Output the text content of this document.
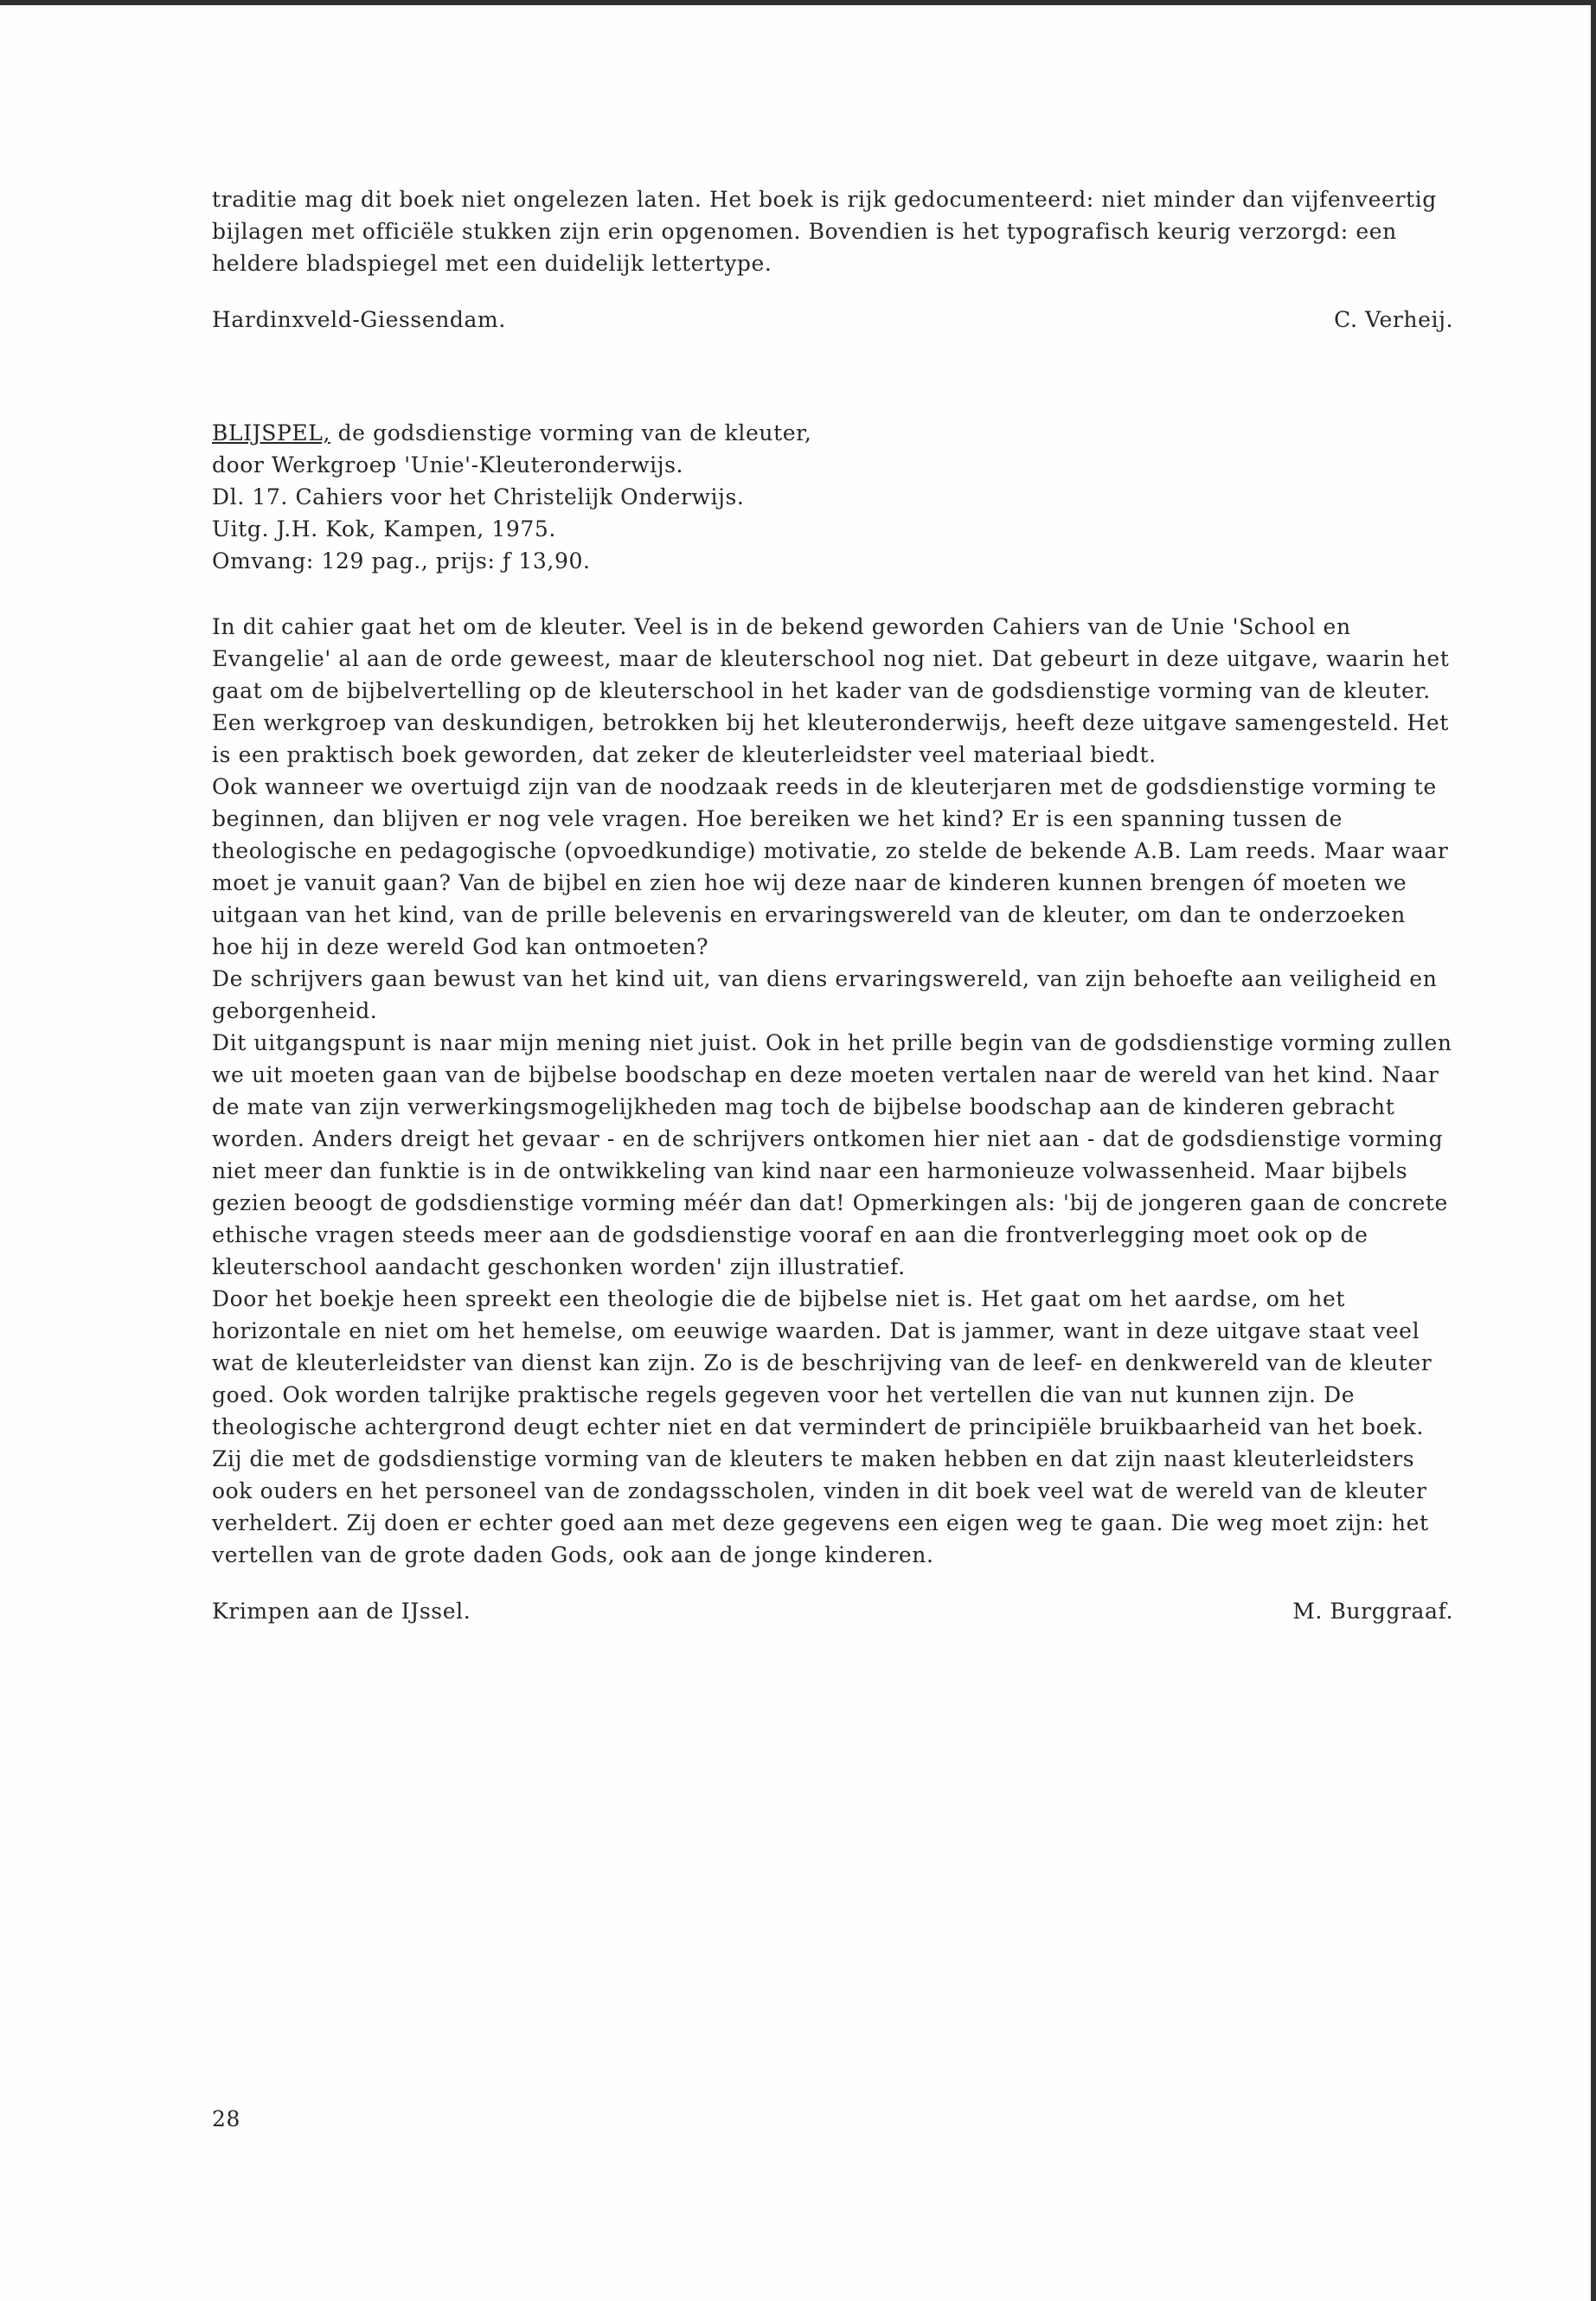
traditie mag dit boek niet ongelezen laten. Het boek is rijk gedocumenteerd: niet minder dan vijfenveertig bijlagen met officiële stukken zijn erin opgenomen. Bovendien is het typografisch keurig verzorgd: een heldere bladspiegel met een duidelijk lettertype.

Hardinxveld-Giessendam.	C. Verheij.

BLIJSPEL, de godsdienstige vorming van de kleuter,

door Werkgroep 'Unie'-Kleuteronderwijs.

Dl. 17. Cahiers voor het Christelijk Onderwijs.

Uitg. J.H. Kok, Kampen, 1975.

Omvang: 129 pag., prijs: ƒ 13,90.

In dit cahier gaat het om de kleuter. Veel is in de bekend geworden Cahiers van de Unie 'School en Evangelie' al aan de orde geweest, maar de kleuterschool nog niet. Dat gebeurt in deze uitgave, waarin het gaat om de bijbelvertelling op de kleuterschool in het kader van de godsdienstige vorming van de kleuter. Een werkgroep van deskundigen, betrokken bij het kleuteronderwijs, heeft deze uitgave samengesteld. Het is een praktisch boek geworden, dat zeker de kleuterleidster veel materiaal biedt.

Ook wanneer we overtuigd zijn van de noodzaak reeds in de kleuterjaren met de godsdienstige vorming te beginnen, dan blijven er nog vele vragen. Hoe bereiken we het kind? Er is een spanning tussen de theologische en pedagogische (opvoedkundige) motivatie, zo stelde de bekende A.B. Lam reeds. Maar waar moet je vanuit gaan? Van de bijbel en zien hoe wij deze naar de kinderen kunnen brengen óf moeten we uitgaan van het kind, van de prille belevenis en ervaringswereld van de kleuter, om dan te onderzoeken hoe hij in deze wereld God kan ontmoeten?

De schrijvers gaan bewust van het kind uit, van diens ervaringswereld, van zijn behoefte aan veiligheid en geborgenheid.

Dit uitgangspunt is naar mijn mening niet juist. Ook in het prille begin van de godsdienstige vorming zullen we uit moeten gaan van de bijbelse boodschap en deze moeten vertalen naar de wereld van het kind. Naar de mate van zijn verwerkingsmogelijkheden mag toch de bijbelse boodschap aan de kinderen gebracht worden. Anders dreigt het gevaar - en de schrijvers ontkomen hier niet aan - dat de godsdienstige vorming niet meer dan funktie is in de ontwikkeling van kind naar een harmonieuze volwassenheid. Maar bijbels gezien beoogt de godsdienstige vorming méér dan dat! Opmerkingen als: 'bij de jongeren gaan de concrete ethische vragen steeds meer aan de godsdienstige vooraf en aan die frontverlegging moet ook op de kleuterschool aandacht geschonken worden' zijn illustratief.

Door het boekje heen spreekt een theologie die de bijbelse niet is. Het gaat om het aardse, om het horizontale en niet om het hemelse, om eeuwige waarden. Dat is jammer, want in deze uitgave staat veel wat de kleuterleidster van dienst kan zijn. Zo is de beschrijving van de leef- en denkwereld van de kleuter goed. Ook worden talrijke praktische regels gegeven voor het vertellen die van nut kunnen zijn. De theologische achtergrond deugt echter niet en dat vermindert de principiële bruikbaarheid van het boek.

Zij die met de godsdienstige vorming van de kleuters te maken hebben en dat zijn naast kleuterleidsters ook ouders en het personeel van de zondagsscholen, vinden in dit boek veel wat de wereld van de kleuter verheldert. Zij doen er echter goed aan met deze gegevens een eigen weg te gaan. Die weg moet zijn: het vertellen van de grote daden Gods, ook aan de jonge kinderen.

Krimpen aan de IJssel.	M. Burggraaf.
28
